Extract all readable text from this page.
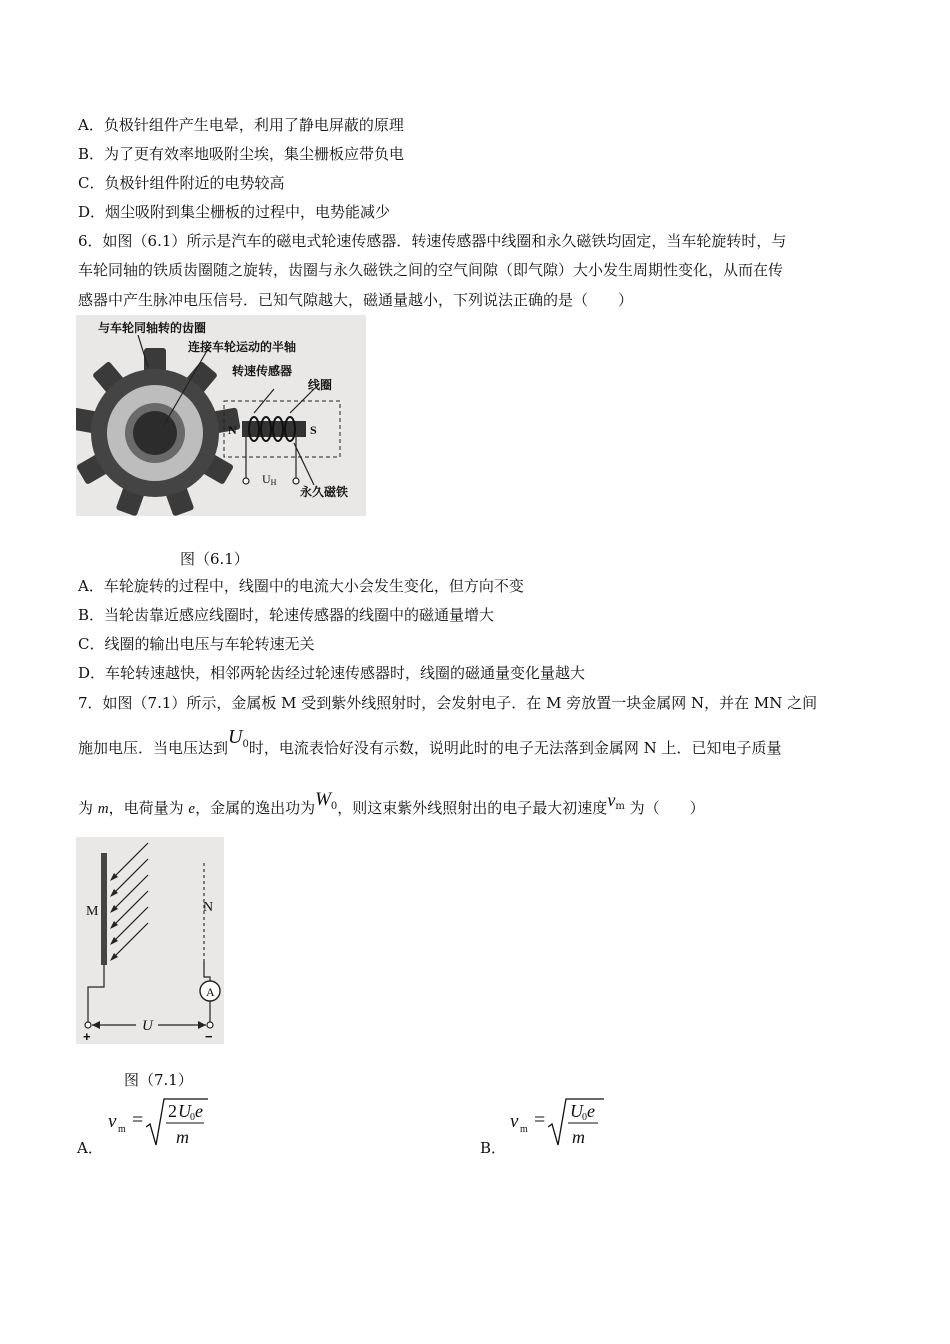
A．负极针组件产生电晕，利用了静电屏蔽的原理
B．为了更有效率地吸附尘埃，集尘栅板应带负电
C．负极针组件附近的电势较高
D．烟尘吸附到集尘栅板的过程中，电势能减少
6．如图（6.1）所示是汽车的磁电式轮速传感器．转速传感器中线圈和永久磁铁均固定，当车轮旋转时，与
车轮同轴的铁质齿圈随之旋转，齿圈与永久磁铁之间的空气间隙（即气隙）大小发生周期性变化，从而在传
感器中产生脉冲电压信号．已知气隙越大，磁通量越小，下列说法正确的是（　　）
与车轮同轴转的齿圈
连接车轮运动的半轴
转速传感器
线圈
N	S
UH
永久磁铁
图（6.1）
A．车轮旋转的过程中，线圈中的电流大小会发生变化，但方向不变
B．当轮齿靠近感应线圈时，轮速传感器的线圈中的磁通量增大
C．线圈的输出电压与车轮转速无关
D．车轮转速越快，相邻两轮齿经过轮速传感器时，线圈的磁通量变化量越大
7．如图（7.1）所示，金属板 M 受到紫外线照射时，会发射电子．在 M 旁放置一块金属网 N，并在 MN 之间
施加电压．当电压达到$U^0$时，电流表恰好没有示数，说明此时的电子无法落到金属网 N 上．已知电子质量
为 m，电荷量为 e，金属的逸出功为$W^0$，则这束紫外线照射出的电子最大初速度$v^m$ 为（　　）
M	N
A
U
+	−
图（7.1）
A．
v m = 2 U 0 e
m
B．
v m = U 0 e
m
